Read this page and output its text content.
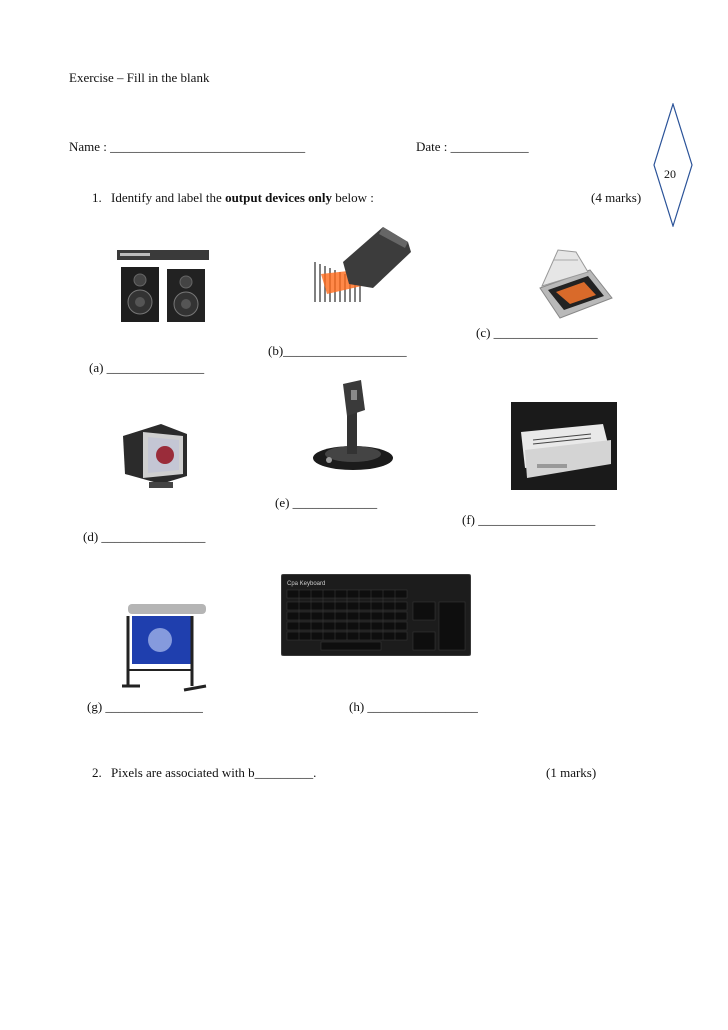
Exercise – Fill in the blank
Name : ______________________________	Date : ____________
20
1. Identify and label the output devices only below :	(4 marks)
(a) _______________
(b)___________________
(c) ________________
(d) ________________
(e) _____________
(f) __________________
(g) _______________
Cpa Keyboard
(h) _________________
2. Pixels are associated with b_________.	(1 marks)
